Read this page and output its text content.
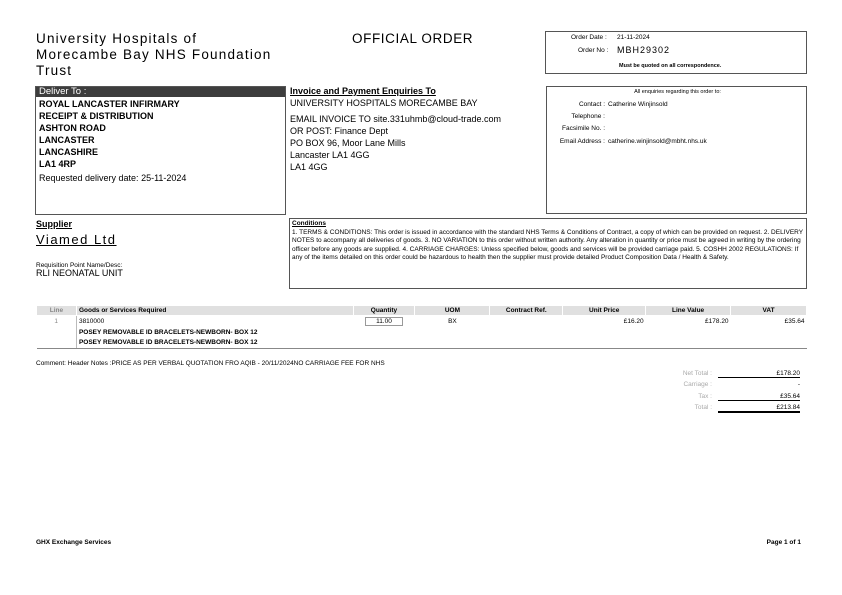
University Hospitals of
Morecambe Bay NHS Foundation
Trust
OFFICIAL ORDER	Order Date : 21-11-2024
Order No : MBH29302
Must be quoted on all correspondence.
Deliver To :
ROYAL LANCASTER INFIRMARY
RECEIPT & DISTRIBUTION
ASHTON ROAD
LANCASTER
LANCASHIRE
LA1 4RP
Requested delivery date: 25-11-2024
Invoice and Payment Enquiries To
UNIVERSITY HOSPITALS MORECAMBE BAY
EMAIL INVOICE TO site.331uhmb@cloud-trade.com
OR POST: Finance Dept
PO BOX 96, Moor Lane Mills
Lancaster LA1 4GG
LA1 4GG
All enquiries regarding this order to:
Contact : Catherine Winjinsold
Telephone :
Facsimile No. :
Email Address : catherine.winjinsold@mbht.nhs.uk
Supplier
Viamed Ltd
Requisition Point Name/Desc:
RLI NEONATAL UNIT
Conditions
1. TERMS & CONDITIONS: This order is issued in accordance with the standard NHS Terms & Conditions of Contract, a copy of which can be provided on request. 2. DELIVERY NOTES to accompany all deliveries of goods. 3. NO VARIATION to this order without written authority. Any alteration in quantity or price must be agreed in writing by the ordering officer before any goods are supplied. 4. CARRIAGE CHARGES: Unless specified below, goods and services will be provided carriage paid. 5. COSHH 2002 REGULATIONS: If any of the items detailed on this order could be hazardous to health then the supplier must provide detailed Product Composition Data / Health & Safety.
Line	Goods or Services Required	Quantity	UOM	Contract Ref.	Unit Price	Line Value	VAT
1	3810000	11.00	BX		£16.20	£178.20	£35.64
	POSEY REMOVABLE ID BRACELETS-NEWBORN- BOX 12						
	POSEY REMOVABLE ID BRACELETS-NEWBORN- BOX 12						
Comment: Header Notes :PRICE AS PER VERBAL QUOTATION FRO AQIB - 20/11/2024NO CARRIAGE FEE FOR NHS
Net Total :	£178.20
Carriage :	-
Tax :	£35.64
Total :	£213.84
GHX Exchange Services	Page 1 of 1
